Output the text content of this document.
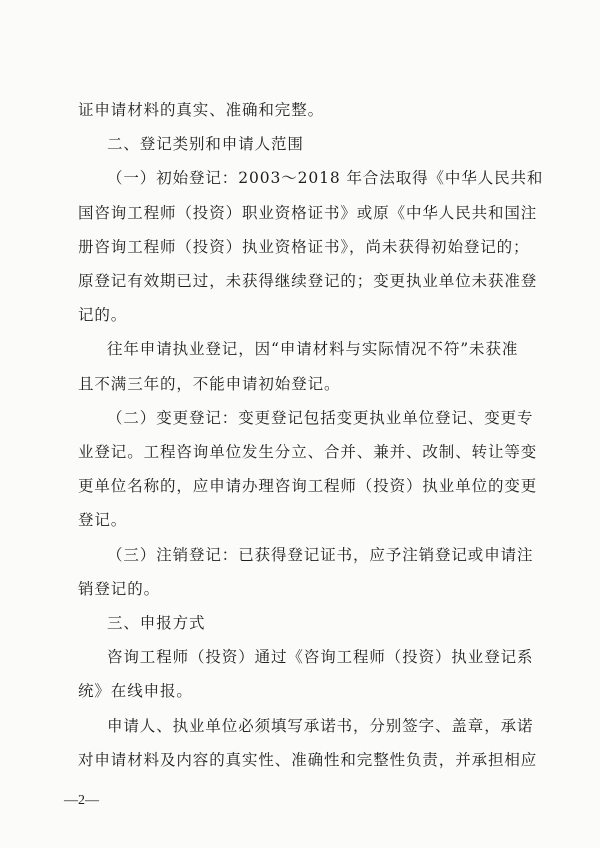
证申请材料的真实、准确和完整。
二、登记类别和申请人范围
（一）初始登记：2003～2018 年合法取得《中华人民共和
国咨询工程师（投资）职业资格证书》或原《中华人民共和国注
册咨询工程师（投资）执业资格证书》，尚未获得初始登记的；
原登记有效期已过，未获得继续登记的；变更执业单位未获准登
记的。
往年申请执业登记，因“申请材料与实际情况不符”未获准
且不满三年的，不能申请初始登记。
（二）变更登记：变更登记包括变更执业单位登记、变更专
业登记。工程咨询单位发生分立、合并、兼并、改制、转让等变
更单位名称的，应申请办理咨询工程师（投资）执业单位的变更
登记。
（三）注销登记：已获得登记证书，应予注销登记或申请注
销登记的。
三、申报方式
咨询工程师（投资）通过《咨询工程师（投资）执业登记系
统》在线申报。
申请人、执业单位必须填写承诺书，分别签字、盖章，承诺
对申请材料及内容的真实性、准确性和完整性负责，并承担相应
—2—
